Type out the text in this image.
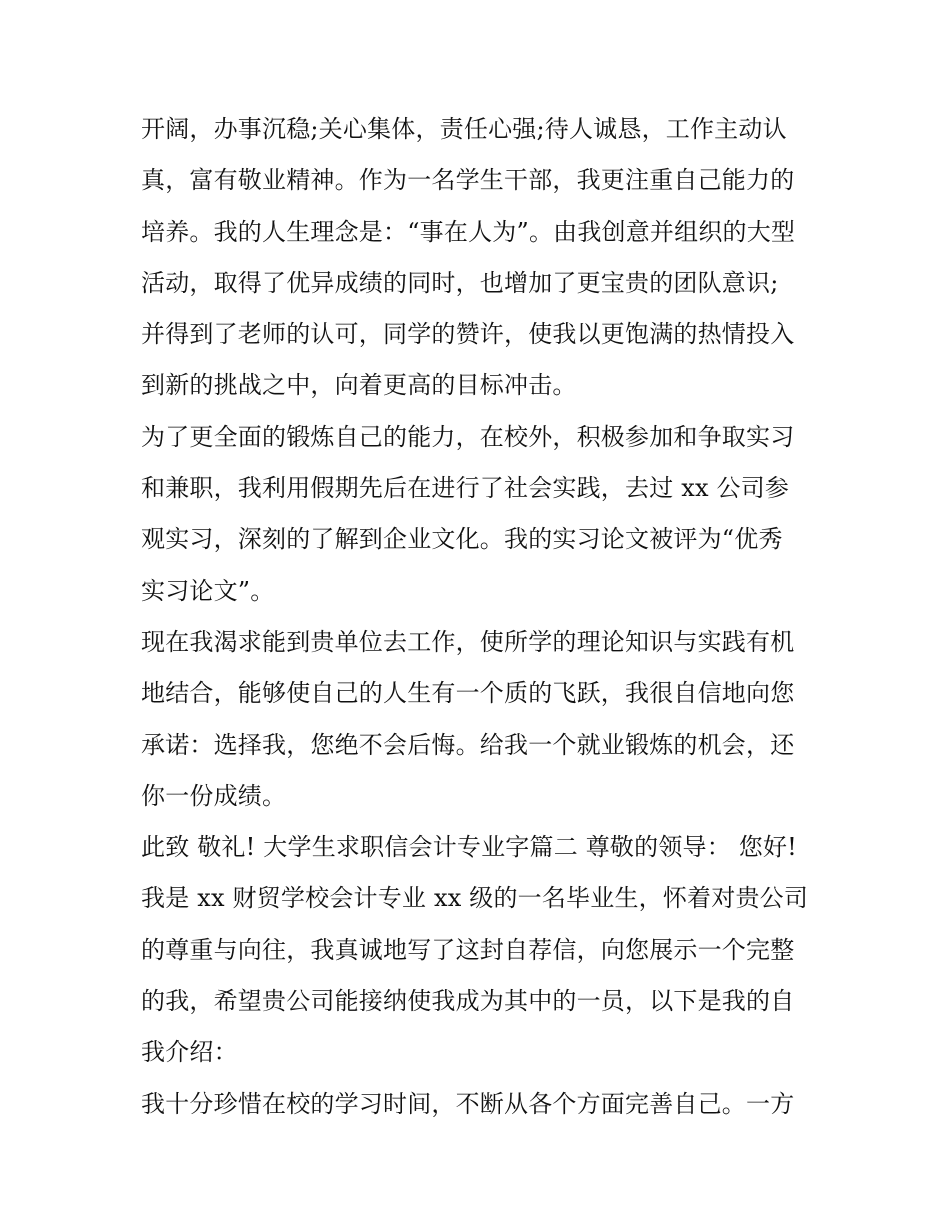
开阔，办事沉稳;关心集体，责任心强;待人诚恳，工作主动认
真，富有敬业精神。作为一名学生干部，我更注重自己能力的
培养。我的人生理念是：“事在人为”。由我创意并组织的大型
活动，取得了优异成绩的同时，也增加了更宝贵的团队意识;
并得到了老师的认可，同学的赞许，使我以更饱满的热情投入
到新的挑战之中，向着更高的目标冲击。
为了更全面的锻炼自己的能力，在校外，积极参加和争取实习
和兼职，我利用假期先后在进行了社会实践，去过 xx 公司参
观实习，深刻的了解到企业文化。我的实习论文被评为“优秀
实习论文”。
现在我渴求能到贵单位去工作，使所学的理论知识与实践有机
地结合，能够使自己的人生有一个质的飞跃，我很自信地向您
承诺：选择我，您绝不会后悔。给我一个就业锻炼的机会，还
你一份成绩。
此致 敬礼! 大学生求职信会计专业字篇二 尊敬的领导： 您好!
我是 xx 财贸学校会计专业 xx 级的一名毕业生，怀着对贵公司
的尊重与向往，我真诚地写了这封自荐信，向您展示一个完整
的我，希望贵公司能接纳使我成为其中的一员，以下是我的自
我介绍：
我十分珍惜在校的学习时间，不断从各个方面完善自己。一方
